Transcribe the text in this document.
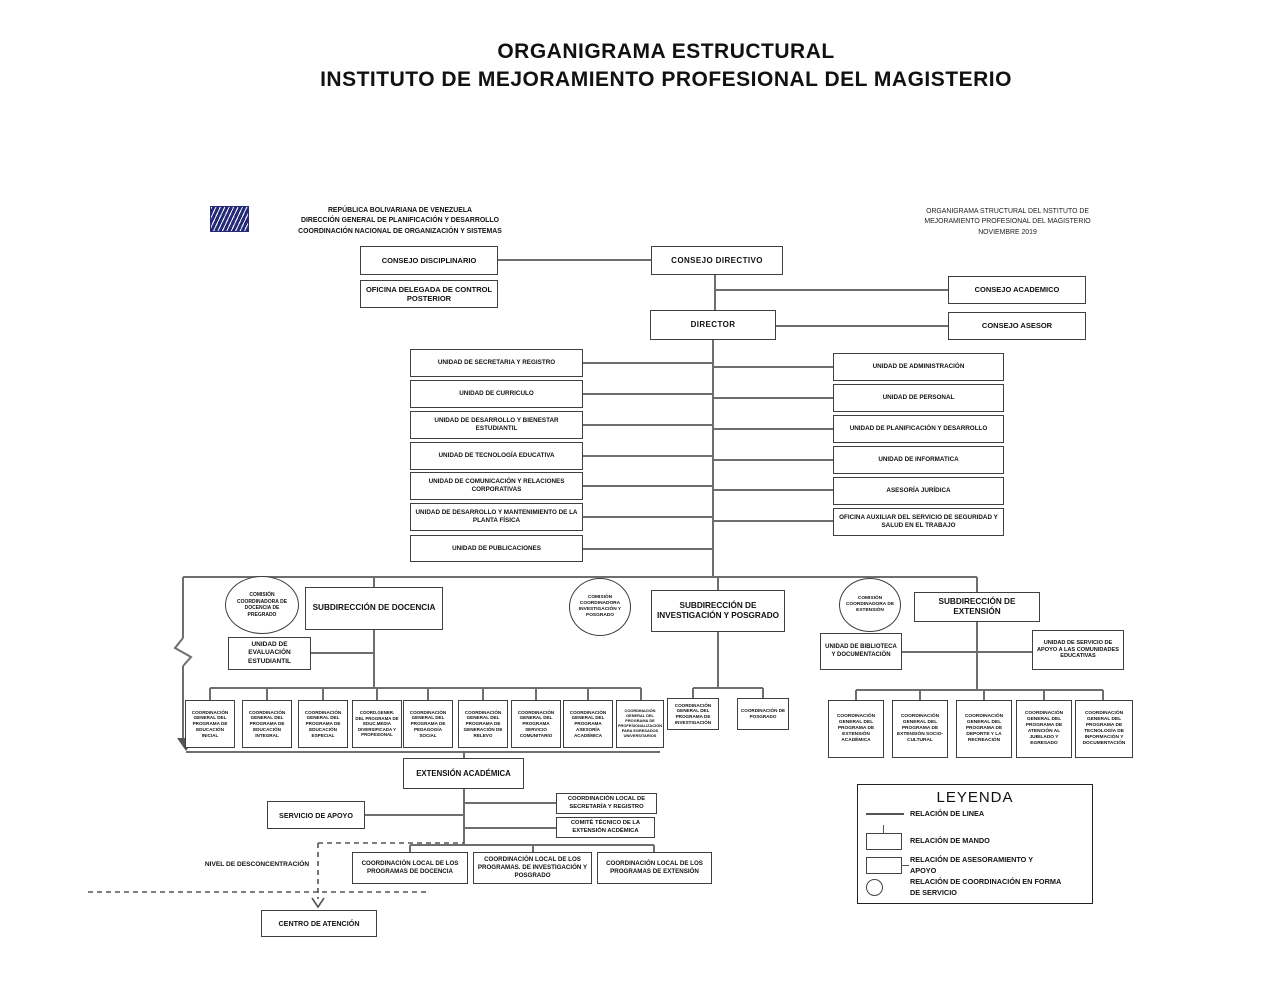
ORGANIGRAMA ESTRUCTURAL
INSTITUTO DE MEJORAMIENTO PROFESIONAL DEL MAGISTERIO
REPÚBLICA BOLIVARIANA DE VENEZUELA
DIRECCIÓN GENERAL DE PLANIFICACIÓN Y DESARROLLO
COORDINACIÓN NACIONAL DE ORGANIZACIÓN Y SISTEMAS
ORGANIGRAMA STRUCTURAL DEL NSTITUTO DE
MEJORAMIENTO PROFESIONAL DEL MAGISTERIO
NOVIEMBRE 2019
CONSEJO DISCIPLINARIO	CONSEJO DIRECTIVO
OFICINA DELEGADA DE CONTROL POSTERIOR
CONSEJO ACADEMICO
DIRECTOR	CONSEJO ASESOR
UNIDAD DE SECRETARIA Y REGISTRO
UNIDAD DE CURRICULO
UNIDAD DE DESARROLLO Y BIENESTAR ESTUDIANTIL
UNIDAD DE TECNOLOGÍA EDUCATIVA
UNIDAD DE COMUNICACIÓN Y RELACIONES CORPORATIVAS
UNIDAD DE DESARROLLO Y MANTENIMIENTO DE LA PLANTA FÍSICA
UNIDAD DE PUBLICACIONES
UNIDAD DE ADMINISTRACIÓN
UNIDAD DE PERSONAL
UNIDAD DE PLANIFICACIÓN Y DESARROLLO
UNIDAD DE INFORMATICA
ASESORÍA JURÍDICA
OFICINA AUXILIAR DEL SERVICIO DE SEGURIDAD Y SALUD EN EL TRABAJO
SUBDIRECCIÓN DE DOCENCIA	SUBDIRECCIÓN DE INVESTIGACIÓN Y POSGRADO
SUBDIRECCIÓN DE EXTENSIÓN
UNIDAD DE EVALUACIÓN ESTUDIANTIL
UNIDAD DE BIBLIOTECA Y DOCUMENTACIÓN
UNIDAD DE SERVICIO DE APOYO A LAS COMUNIDADES EDUCATIVAS
COORDINACIÓN GENERAL DEL PROGRAMA DE EDUCACIÓN INICIAL
COORDINACIÓN GENERAL DEL PROGRAMA DE EDUCACIÓN INTEGRAL
COORDINACIÓN GENERAL DEL PROGRAMA DE EDUCACIÓN ESPECIAL
COORD.GENER. DEL PROGRAMA DE EDUC.MEDIA DIVERSIFICADA Y PROFESIONAL
COORDINACIÓN GENERAL DEL PROGRAMA DE PEDAGOGÍA SOCIAL
COORDINACIÓN GENERAL DEL PROGRAMA DE GENERACIÓN DE RELEVO
COORDINACIÓN GENERAL DEL PROGRAMA SERVICIO COMUNITARIO
COORDINACIÓN GENERAL DEL PROGRAMA ASESORÍA ACADÉMICA
COORDINACIÓN GENERAL DEL PROGRAMA DE PROFESIONALIZACIÓN PARA EGRESADOS UNIVERSITARIOS
COORDINACIÓN GENERAL DEL PROGRAMA DE INVESTIGACIÓN
COORDINACIÓN DE POSGRADO	COORDINACIÓN GENERAL DEL PROGRAMA DE EXTENSIÓN ACADÉMICA
COORDINACIÓN GENERAL DEL PROGRAMA DE EXTENSIÓN SOCIO-CULTURAL
COORDINACIÓN GENERAL DEL PROGRAMA DE DEPORTE Y LA RECREACIÓN
COORDINACIÓN GENERAL DEL PROGRAMA DE ATENCIÓN AL JUBILADO Y EGRESADO
COORDINACIÓN GENERAL DEL PROGRAMA DE TECNOLOGÍA DE INFORMACIÓN Y DOCUMENTACIÓN
EXTENSIÓN ACADÉMICA
SERVICIO DE APOYO
COORDINACIÓN LOCAL DE SECRETARÍA Y REGISTRO
COMITÉ TÉCNICO DE LA EXTENSIÓN ACDÉMICA
COORDINACIÓN LOCAL DE LOS PROGRAMAS DE DOCENCIA
COORDINACIÓN LOCAL DE LOS PROGRAMAS. DE INVESTIGACIÓN Y POSGRADO
COORDINACIÓN LOCAL DE LOS PROGRAMAS DE EXTENSIÓN
CENTRO DE ATENCIÓN
COMISIÓN COORDINADORA DE DOCENCIA DE PREGRADO
COMISIÓN COORDINADORA INVESTIGACIÓN Y POSGRADO
COMISIÓN COORDINADORA DE EXTENSIÓN
NIVEL DE DESCONCENTRACIÓN
LEYENDA
RELACIÓN DE LINEA
RELACIÓN DE MANDO
RELACIÓN DE ASESORAMIENTO Y APOYO
RELACIÓN DE COORDINACIÓN EN FORMA DE SERVICIO
